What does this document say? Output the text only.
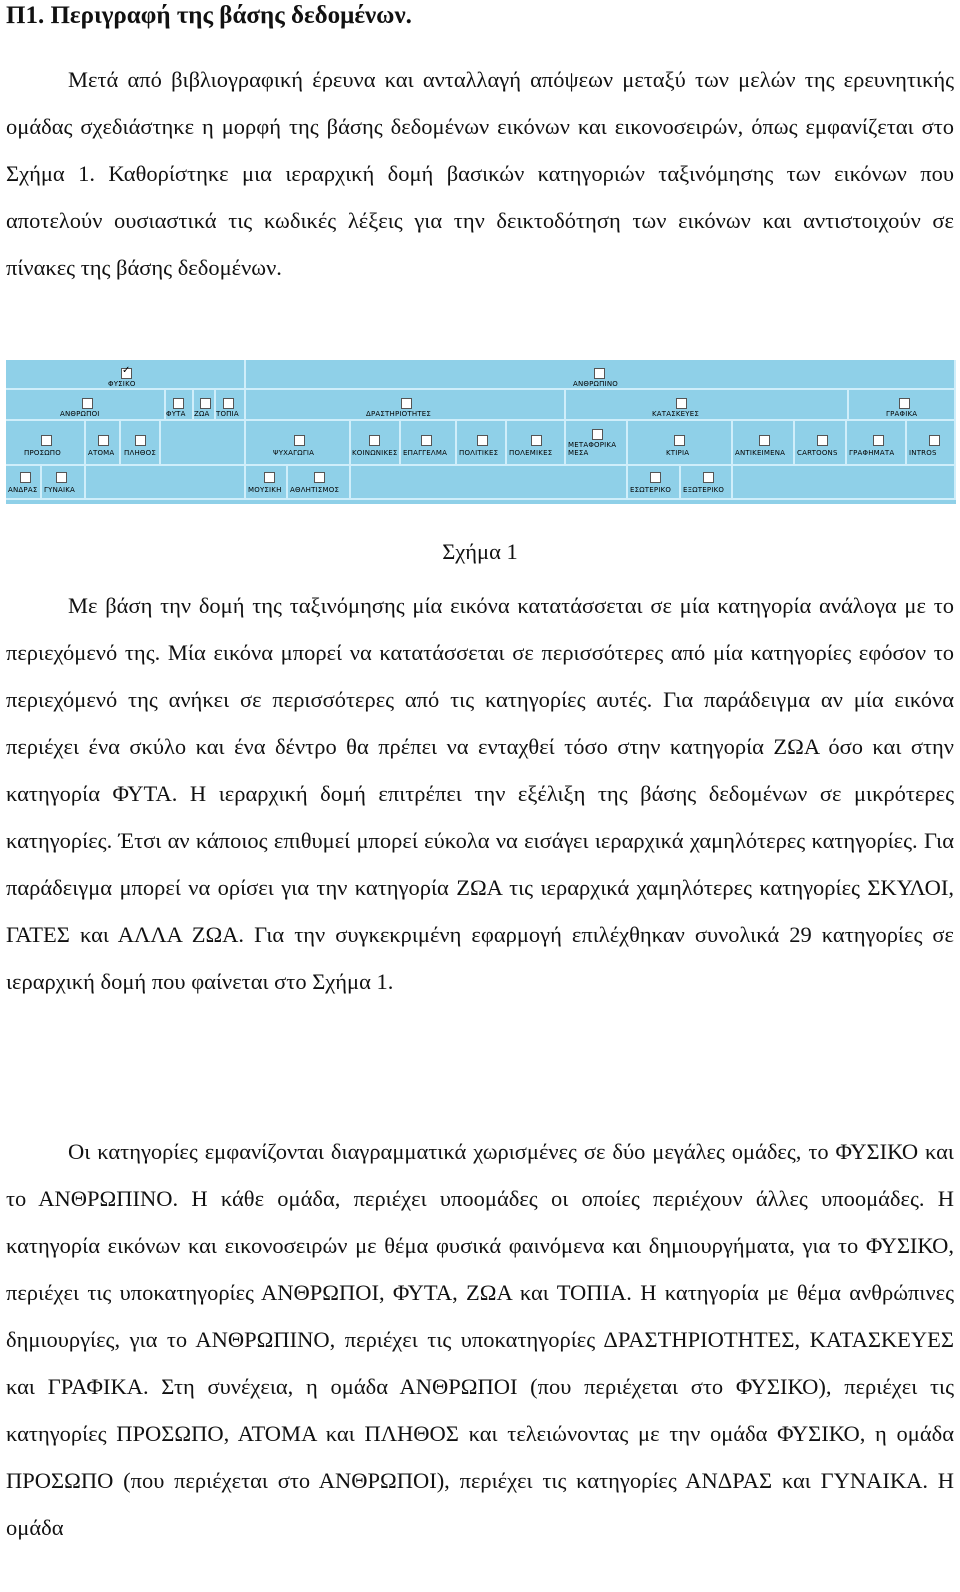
Π1. Περιγραφή της βάσης δεδομένων.

Μετά από βιβλιογραφική έρευνα και ανταλλαγή απόψεων μεταξύ των μελών της ερευνητικής ομάδας σχεδιάστηκε η μορφή της βάσης δεδομένων εικόνων και εικονοσειρών, όπως εμφανίζεται στο Σχήμα 1. Καθορίστηκε μια ιεραρχική δομή βασικών κατηγοριών ταξινόμησης των εικόνων που αποτελούν ουσιαστικά τις κωδικές λέξεις για την δεικτοδότηση των εικόνων και αντιστοιχούν σε πίνακες της βάσης δεδομένων.

✓
ΦΥΣΙΚΟ	ΑΝΘΡΩΠΙΝΟ
ΑΝΘΡΩΠΟΙ	ΦΥΤΑ ΖΩΑ ΤΟΠΙΑ	ΔΡΑΣΤΗΡΙΟΤΗΤΕΣ	ΚΑΤΑΣΚΕΥΕΣ	ΓΡΑΦΙΚΑ
ΠΡΟΣΩΠΟ	ΑΤΟΜΑ ΠΛΗΘΟΣ	ΨΥΧΑΓΩΓΙΑ	ΚΟΙΝΩΝΙΚΕΣ ΕΠΑΓΓΕΛΜΑ ΠΟΛΙΤΙΚΕΣ ΠΟΛΕΜΙΚΕΣ
ΜΕΤΑΦΟΡΙΚΑ ΜΕΣΑ	ΚΤΙΡΙΑ	ΑΝΤΙΚΕΙΜΕΝΑ CARTOONS ΓΡΑΦΗΜΑΤΑ INTROS
ΑΝΔΡΑΣ ΓΥΝΑΙΚΑ	ΜΟΥΣΙΚΗ ΑΘΛΗΤΙΣΜΟΣ	ΕΣΩΤΕΡΙΚΟ ΕΞΩΤΕΡΙΚΟ

Σχήμα 1

Με βάση την δομή της ταξινόμησης μία εικόνα κατατάσσεται σε μία κατηγορία ανάλογα με το περιεχόμενό της. Μία εικόνα μπορεί να κατατάσσεται σε περισσότερες από μία κατηγορίες εφόσον το περιεχόμενό της ανήκει σε περισσότερες από τις κατηγορίες αυτές. Για παράδειγμα αν μία εικόνα περιέχει ένα σκύλο και ένα δέντρο θα πρέπει να ενταχθεί τόσο στην κατηγορία ΖΩΑ όσο και στην κατηγορία ΦΥΤΑ. Η ιεραρχική δομή επιτρέπει την εξέλιξη της βάσης δεδομένων σε μικρότερες κατηγορίες. Έτσι αν κάποιος επιθυμεί μπορεί εύκολα να εισάγει ιεραρχικά χαμηλότερες κατηγορίες. Για παράδειγμα μπορεί να ορίσει για την κατηγορία ΖΩΑ τις ιεραρχικά χαμηλότερες κατηγορίες ΣΚΥΛΟΙ, ΓΑΤΕΣ και ΑΛΛΑ ΖΩΑ. Για την συγκεκριμένη εφαρμογή επιλέχθηκαν συνολικά 29 κατηγορίες σε ιεραρχική δομή που φαίνεται στο Σχήμα 1.

Οι κατηγορίες εμφανίζονται διαγραμματικά χωρισμένες σε δύο μεγάλες ομάδες, το ΦΥΣΙΚΟ και το ΑΝΘΡΩΠΙΝΟ. Η κάθε ομάδα, περιέχει υποομάδες οι οποίες περιέχουν άλλες υποομάδες. Η κατηγορία εικόνων και εικονοσειρών με θέμα φυσικά φαινόμενα και δημιουργήματα, για το ΦΥΣΙΚΟ, περιέχει τις υποκατηγορίες ΑΝΘΡΩΠΟΙ, ΦΥΤΑ, ΖΩΑ και ΤΟΠΙΑ. Η κατηγορία με θέμα ανθρώπινες δημιουργίες, για το ΑΝΘΡΩΠΙΝΟ, περιέχει τις υποκατηγορίες ΔΡΑΣΤΗΡΙΟΤΗΤΕΣ, ΚΑΤΑΣΚΕΥΕΣ και ΓΡΑΦΙΚΑ. Στη συνέχεια, η ομάδα ΑΝΘΡΩΠΟΙ (που περιέχεται στο ΦΥΣΙΚΟ), περιέχει τις κατηγορίες ΠΡΟΣΩΠΟ, ΑΤΟΜΑ και ΠΛΗΘΟΣ και τελειώνοντας με την ομάδα ΦΥΣΙΚΟ, η ομάδα ΠΡΟΣΩΠΟ (που περιέχεται στο ΑΝΘΡΩΠΟΙ), περιέχει τις κατηγορίες ΑΝΔΡΑΣ και ΓΥΝΑΙΚΑ. Η ομάδα
